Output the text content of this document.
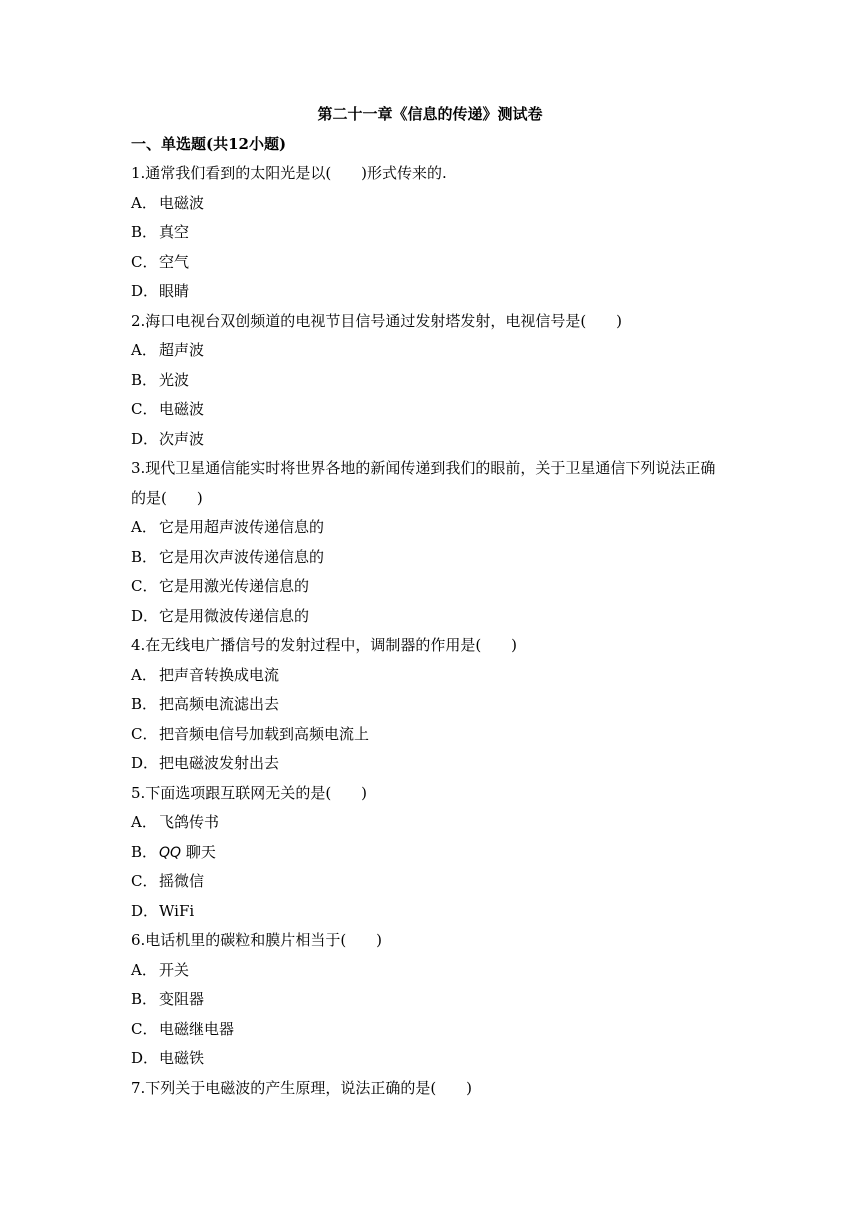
第二十一章《信息的传递》测试卷
一、单选题(共12小题)
1.通常我们看到的太阳光是以(　　)形式传来的.
A． 电磁波
B． 真空
C． 空气
D．眼睛
2.海口电视台双创频道的电视节目信号通过发射塔发射，电视信号是(　　)
A． 超声波
B． 光波
C． 电磁波
D．次声波
3.现代卫星通信能实时将世界各地的新闻传递到我们的眼前，关于卫星通信下列说法正确
的是(　　)
A． 它是用超声波传递信息的
B． 它是用次声波传递信息的
C． 它是用激光传递信息的
D．它是用微波传递信息的
4.在无线电广播信号的发射过程中，调制器的作用是(　　)
A． 把声音转换成电流
B． 把高频电流滤出去
C． 把音频电信号加载到高频电流上
D．把电磁波发射出去
5.下面选项跟互联网无关的是(　　)
A． 飞鸽传书
B． QQ 聊天
C． 摇微信
D．WiFi
6.电话机里的碳粒和膜片相当于(　　)
A． 开关
B． 变阻器
C． 电磁继电器
D．电磁铁
7.下列关于电磁波的产生原理，说法正确的是(　　)
